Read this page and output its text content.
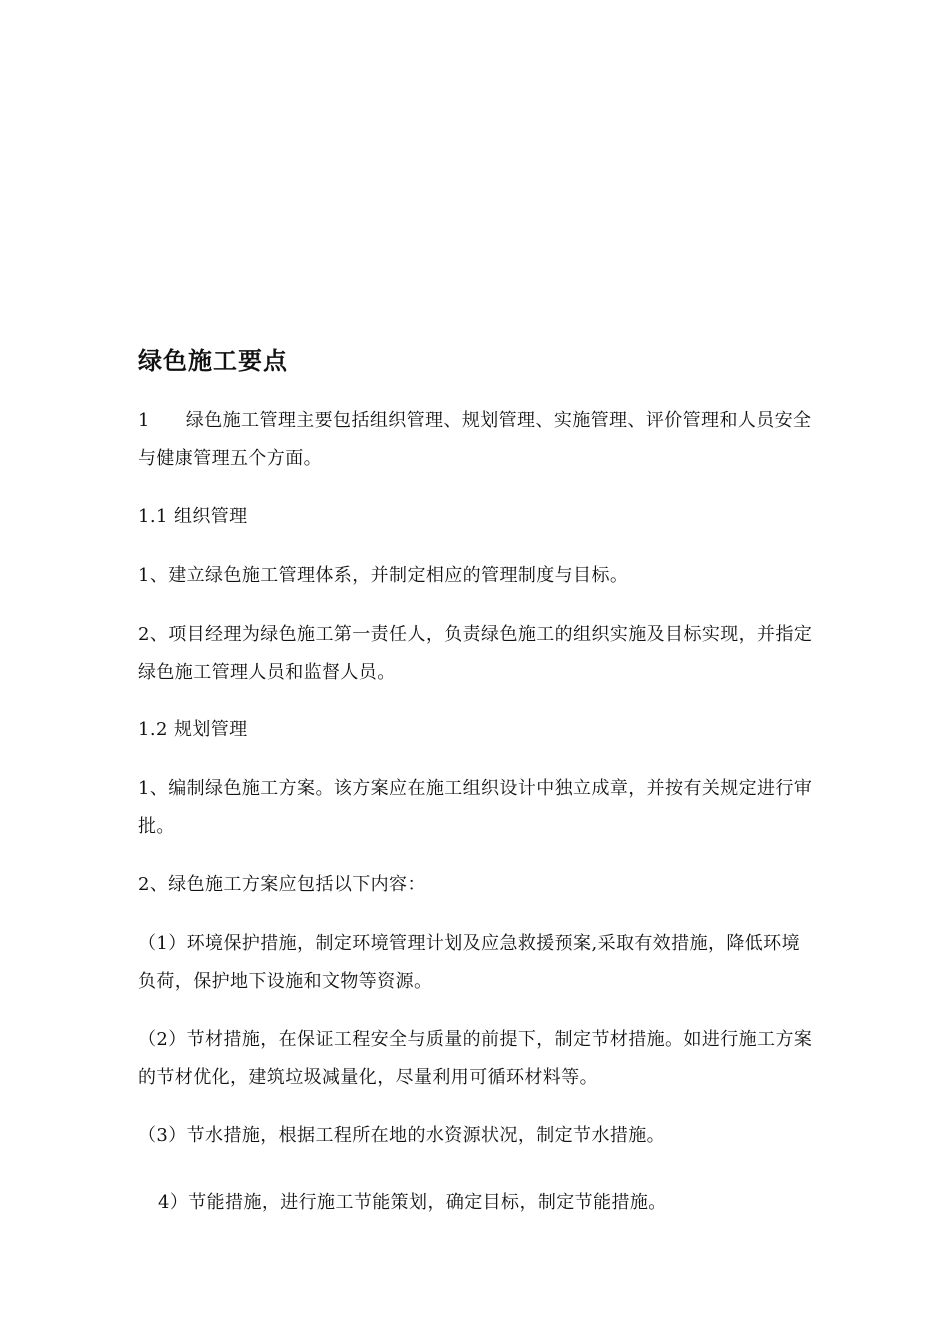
绿色施工要点

1 绿色施工管理主要包括组织管理、规划管理、实施管理、评价管理和人员安全与健康管理五个方面。

1.1 组织管理

1、建立绿色施工管理体系，并制定相应的管理制度与目标。

2、项目经理为绿色施工第一责任人，负责绿色施工的组织实施及目标实现，并指定绿色施工管理人员和监督人员。

1.2 规划管理

1、编制绿色施工方案。该方案应在施工组织设计中独立成章，并按有关规定进行审批。

2、绿色施工方案应包括以下内容：

（1）环境保护措施，制定环境管理计划及应急救援预案,采取有效措施，降低环境负荷，保护地下设施和文物等资源。

（2）节材措施，在保证工程安全与质量的前提下，制定节材措施。如进行施工方案的节材优化，建筑垃圾减量化，尽量利用可循环材料等。

（3）节水措施，根据工程所在地的水资源状况，制定节水措施。

4）节能措施，进行施工节能策划，确定目标，制定节能措施。
